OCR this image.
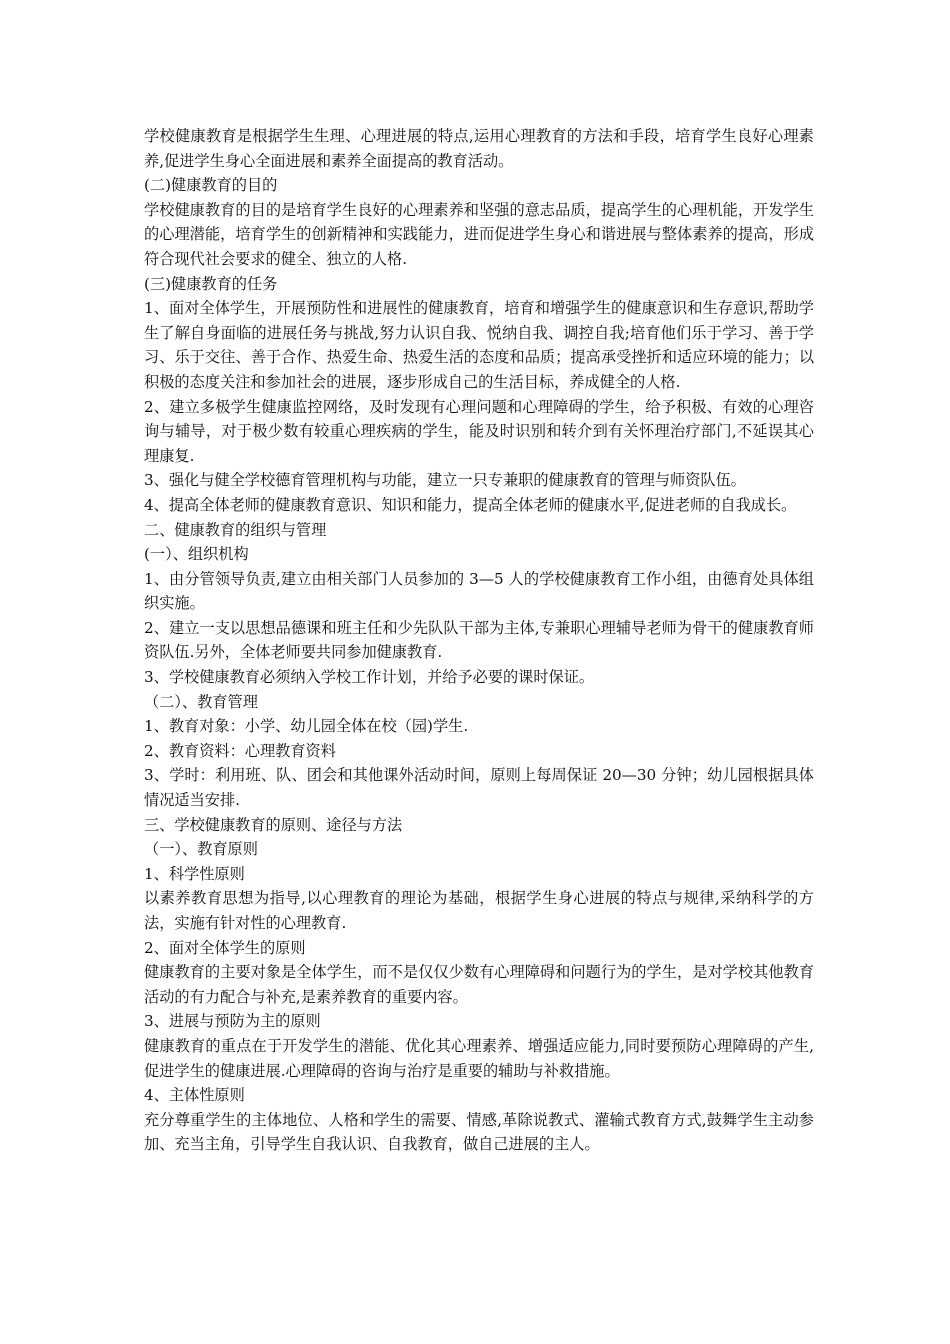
学校健康教育是根据学生生理、心理进展的特点,运用心理教育的方法和手段，培育学生良好心理素养,促进学生身心全面进展和素养全面提高的教育活动。

(二)健康教育的目的

学校健康教育的目的是培育学生良好的心理素养和坚强的意志品质，提高学生的心理机能，开发学生的心理潜能，培育学生的创新精神和实践能力，进而促进学生身心和谐进展与整体素养的提高，形成符合现代社会要求的健全、独立的人格.

(三)健康教育的任务

1、面对全体学生，开展预防性和进展性的健康教育，培育和增强学生的健康意识和生存意识,帮助学生了解自身面临的进展任务与挑战,努力认识自我、悦纳自我、调控自我;培育他们乐于学习、善于学习、乐于交往、善于合作、热爱生命、热爱生活的态度和品质；提高承受挫折和适应环境的能力；以积极的态度关注和参加社会的进展，逐步形成自己的生活目标，养成健全的人格.

2、建立多极学生健康监控网络，及时发现有心理问题和心理障碍的学生，给予积极、有效的心理咨询与辅导，对于极少数有较重心理疾病的学生，能及时识别和转介到有关怀理治疗部门,不延误其心理康复.

3、强化与健全学校德育管理机构与功能，建立一只专兼职的健康教育的管理与师资队伍。

4、提高全体老师的健康教育意识、知识和能力，提高全体老师的健康水平,促进老师的自我成长。

二、健康教育的组织与管理

(一）、组织机构

1、由分管领导负责,建立由相关部门人员参加的 3—5 人的学校健康教育工作小组，由德育处具体组织实施。

2、建立一支以思想品德课和班主任和少先队队干部为主体,专兼职心理辅导老师为骨干的健康教育师资队伍.另外，全体老师要共同参加健康教育.

3、学校健康教育必须纳入学校工作计划，并给予必要的课时保证。

（二）、教育管理

1、教育对象：小学、幼儿园全体在校（园)学生.

2、教育资料：心理教育资料

3、学时：利用班、队、团会和其他课外活动时间，原则上每周保证 20—30 分钟；幼儿园根据具体情况适当安排.

三、学校健康教育的原则、途径与方法

（一）、教育原则

1、科学性原则

以素养教育思想为指导,以心理教育的理论为基础，根据学生身心进展的特点与规律,采纳科学的方法，实施有针对性的心理教育.

2、面对全体学生的原则

健康教育的主要对象是全体学生，而不是仅仅少数有心理障碍和问题行为的学生，是对学校其他教育活动的有力配合与补充,是素养教育的重要内容。

3、进展与预防为主的原则

健康教育的重点在于开发学生的潜能、优化其心理素养、增强适应能力,同时要预防心理障碍的产生,促进学生的健康进展.心理障碍的咨询与治疗是重要的辅助与补救措施。

4、主体性原则

充分尊重学生的主体地位、人格和学生的需要、情感,革除说教式、灌输式教育方式,鼓舞学生主动参加、充当主角，引导学生自我认识、自我教育，做自己进展的主人。
